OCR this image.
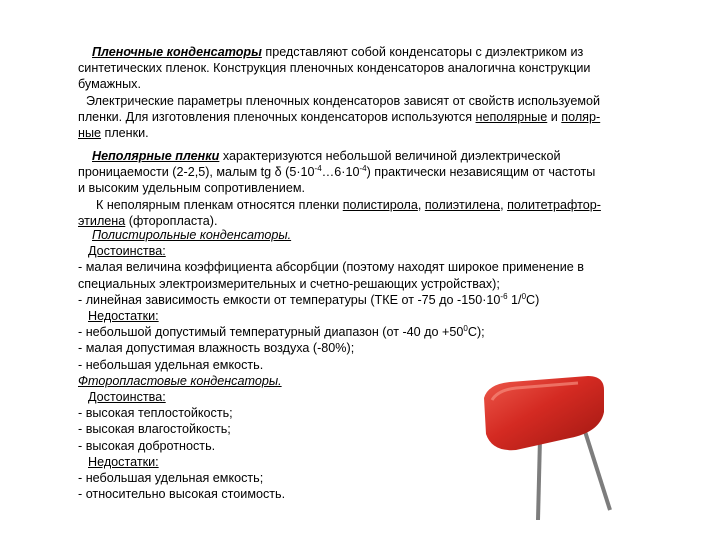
Пленочные конденсаторы представляют собой конденсаторы с диэлектриком из
синтетических пленок. Конструкция пленочных конденсаторов аналогична конструкции
бумажных.
Электрические параметры пленочных конденсаторов зависят от свойств используемой
пленки. Для изготовления пленочных конденсаторов используются неполярные и поляр-
ные пленки.
Неполярные пленки характеризуются небольшой величиной диэлектрической
проницаемости (2-2,5), малым tg δ $(5\cdot 10^{-4}\dots 6\cdot 10^{-4})$ практически независящим от частоты
и высоким удельным сопротивлением.
К неполярным пленкам относятся пленки полистирола, полиэтилена, политетрафтор-
этилена (фторопласта).
Полистирольные конденсаторы.
Достоинства:
- малая величина коэффициента абсорбции (поэтому находят широкое применение в
специальных электроизмерительных и счетно-решающих устройствах);
- линейная зависимость емкости от температуры (ТКЕ от -75 до $-150\cdot 10^{-6}$ 1/$^0$С)
Недостатки:
- небольшой допустимый температурный диапазон (от -40 до $+50^0С$);
- малая допустимая влажность воздуха (-80%);
- небольшая удельная емкость.
Фторопластовые конденсаторы.
Достоинства:
- высокая теплостойкость;
- высокая влагостойкость;
- высокая добротность.
Недостатки:
- небольшая удельная емкость;
- относительно высокая стоимость.
